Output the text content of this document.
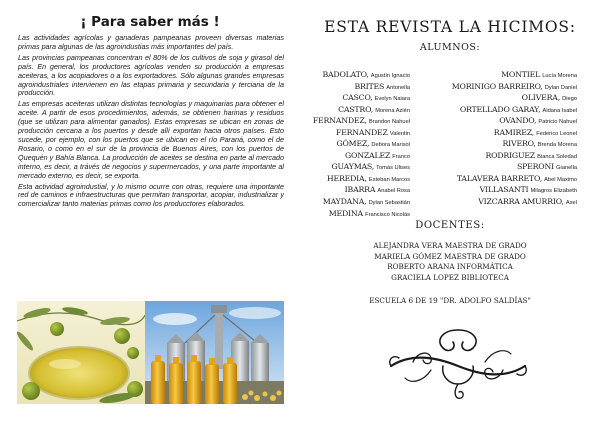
¡ Para saber más !

Las actividades agrícolas y ganaderas pampeanas proveen diversas materias primas para algunas de las agroindustias más importantes del país.

Las provincias pampeanas concentran el 80% de los cultivos de soja y girasol del país. En general, los productores agrícolas venden su producción a empresas aceiteras, a los acopiadores o a los exportadores. Sólo algunas grandes empresas agroindustriales intervienen en las etapas primaria y secundaria y terciaria de la producción.

Las empresas aceiteras utilizan distintas tecnologías y maquinarias para obtener el aceite. A partir de esos procedimientos, además, se obtienen harinas y residuos (que se utilizan para alimentar ganados). Estas empresas se ubican en zonas de producción cercana a los puertos y desde allí exportan hacia otros países. Esto sucede, por ejemplo, con los puertos que se ubican en el río Paraná, como el de Rosario, o como en el sur de la provincia de Buenos Aires, con los puertos de Quequén y Bahía Blanca. La producción de aceites se destina en parte al mercado interno, es decir, a trávés de negocios y supermercados, y una parte importante al mercado externo, es decir, se exporta.

Esta actividad agroindustial, y lo mismo ocurre con otras, requiere una importante red de caminos e infraestructuras que permitan transportar, acopiar, industrializar y comercializar tanto materias primas como los producctores elaborados.

ESTA REVISTA LA HICIMOS:
ALUMNOS:
BADOLATO, Agustín Ignacio
BRITES Antonella
CASCO, Evelyn Naiara
CASTRO, Morena Azlén
FERNANDEZ, Brandon Nahuel
FERNANDEZ Valentin
GÓMEZ, Debora Marisol
GONZALEZ Franco
GUAYMAS, Tomás Ulises
HEREDIA, Esteban Marcos
IBARRA Anabel Rosa
MAYDANA, Dylan Sebastián
MEDINA Francisco Nicolás
MONTIEL Lucía Morena
MORINIGO BARREIRO, Dylan Daniel
OLIVERA, Diego
ORTELLADO GARAY, Aldana Isabel
OVANDO, Patricio Nahuel
RAMIREZ, Federico Leonel
RIVERO, Brenda Morena
RODRIGUEZ Bianca Soledad
SPERONI Gianella
TALAVERA BARRETO, Abel Maximo
VILLASANTI Milagros Elizabeth
VIZCARRA AMURRIO, Axel
DOCENTES:
ALEJANDRA VERA MAESTRA DE GRADO
MARIELA GÓMEZ MAESTRA DE GRADO
ROBERTO ARANA INFORMÁTICA
GRACIELA LOPEZ BIBLIOTECA
ESCUELA 6 DE 19 "DR. ADOLFO SALDÍAS"
